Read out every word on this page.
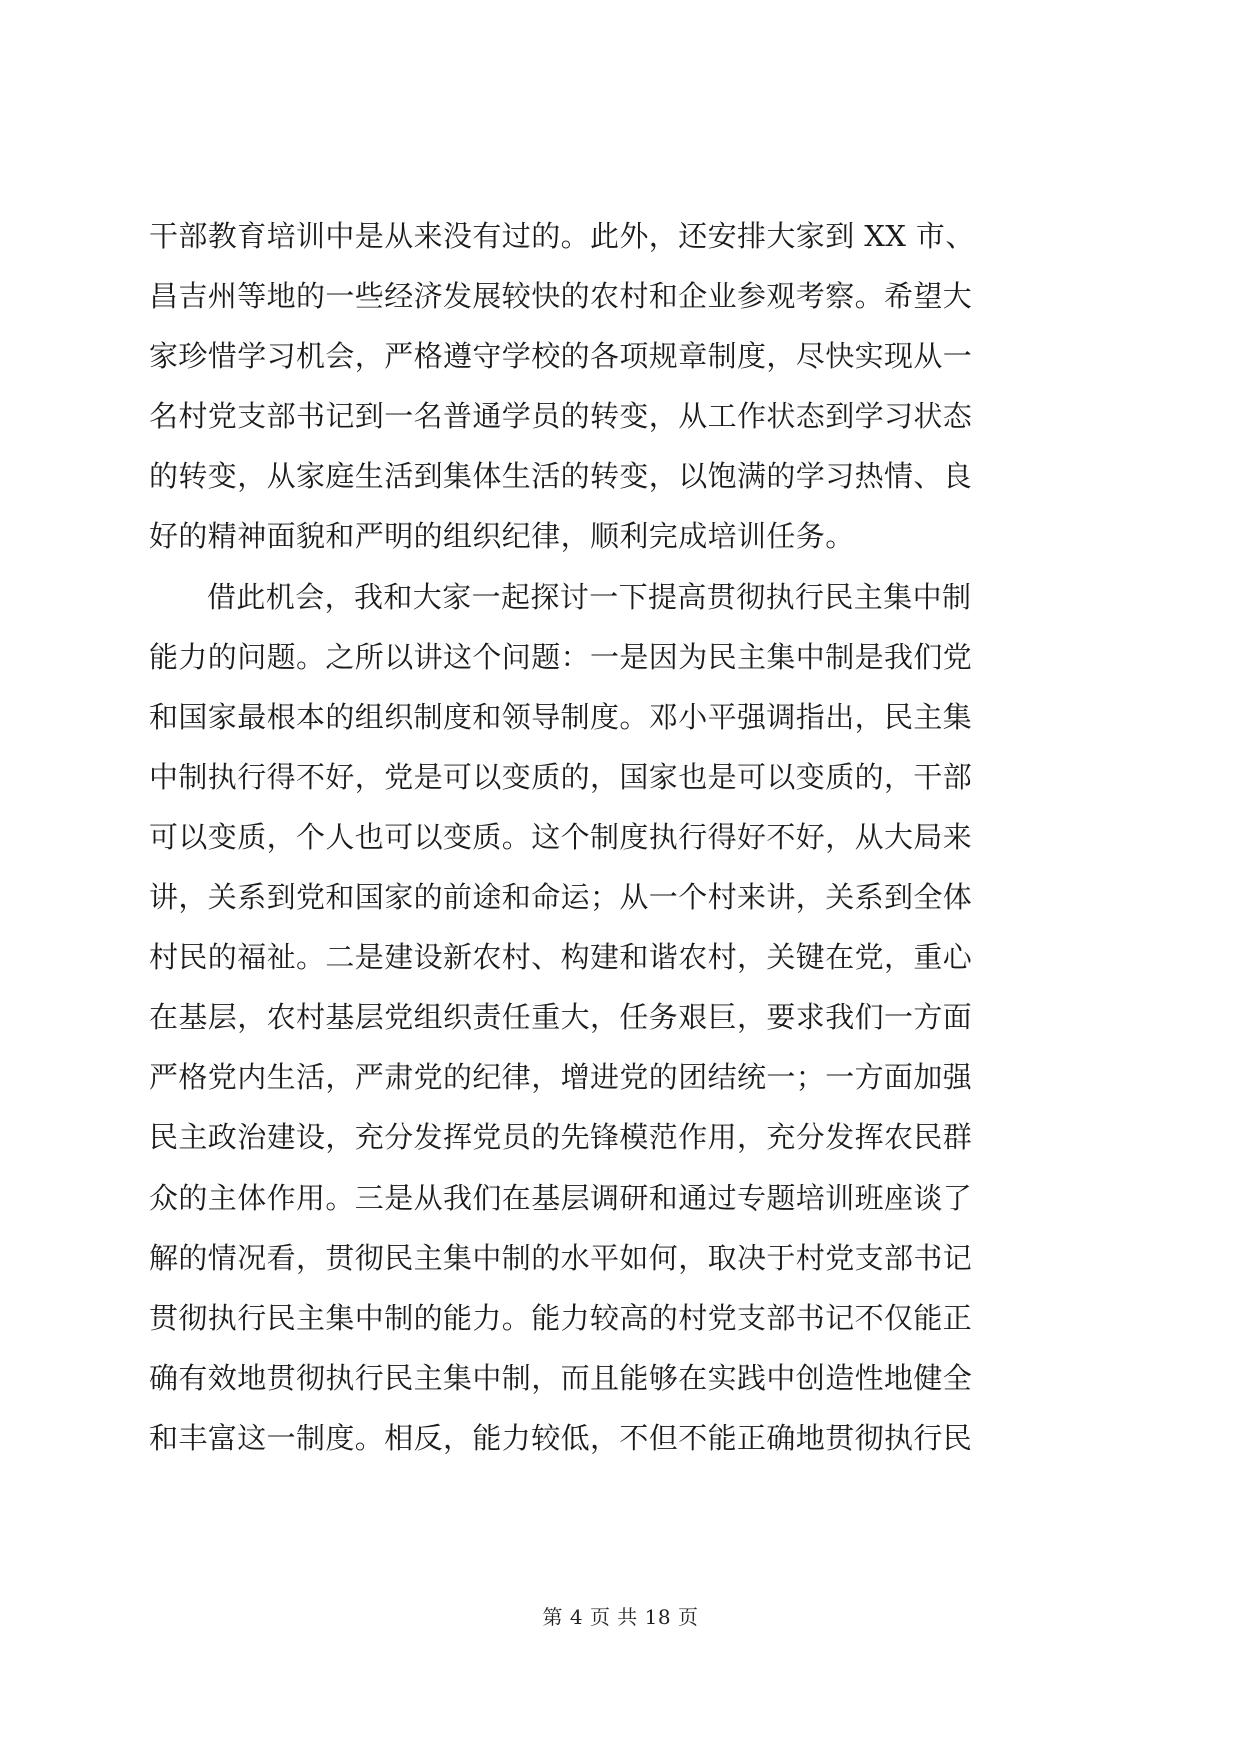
干部教育培训中是从来没有过的。此外，还安排大家到 XX 市、
昌吉州等地的一些经济发展较快的农村和企业参观考察。希望大
家珍惜学习机会，严格遵守学校的各项规章制度，尽快实现从一
名村党支部书记到一名普通学员的转变，从工作状态到学习状态
的转变，从家庭生活到集体生活的转变，以饱满的学习热情、良
好的精神面貌和严明的组织纪律，顺利完成培训任务。
借此机会，我和大家一起探讨一下提高贯彻执行民主集中制
能力的问题。之所以讲这个问题：一是因为民主集中制是我们党
和国家最根本的组织制度和领导制度。邓小平强调指出，民主集
中制执行得不好，党是可以变质的，国家也是可以变质的，干部
可以变质，个人也可以变质。这个制度执行得好不好，从大局来
讲，关系到党和国家的前途和命运；从一个村来讲，关系到全体
村民的福祉。二是建设新农村、构建和谐农村，关键在党，重心
在基层，农村基层党组织责任重大，任务艰巨，要求我们一方面
严格党内生活，严肃党的纪律，增进党的团结统一；一方面加强
民主政治建设，充分发挥党员的先锋模范作用，充分发挥农民群
众的主体作用。三是从我们在基层调研和通过专题培训班座谈了
解的情况看，贯彻民主集中制的水平如何，取决于村党支部书记
贯彻执行民主集中制的能力。能力较高的村党支部书记不仅能正
确有效地贯彻执行民主集中制，而且能够在实践中创造性地健全
和丰富这一制度。相反，能力较低，不但不能正确地贯彻执行民
第 4 页 共 18 页
